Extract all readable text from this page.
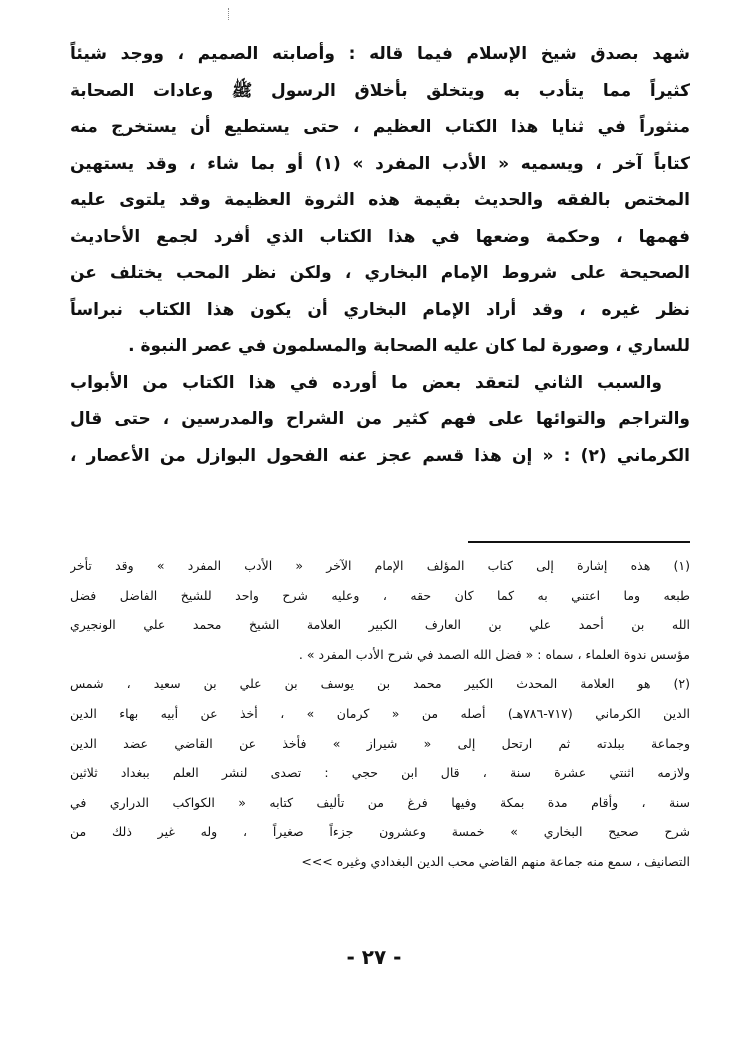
شهد بصدق شيخ الإسلام فيما قاله : وأصابته الصميم ، ووجد شيئاً
كثيراً مما يتأدب به ويتخلق بأخلاق الرسول ﷺ وعادات الصحابة
منثوراً في ثنايا هذا الكتاب العظيم ، حتى يستطيع أن يستخرج منه
كتاباً آخر ، ويسميه « الأدب المفرد » (١) أو بما شاء ، وقد يستهين
المختص بالفقه والحديث بقيمة هذه الثروة العظيمة وقد يلتوى عليه
فهمها ، وحكمة وضعها في هذا الكتاب الذي أفرد لجمع الأحاديث
الصحيحة على شروط الإمام البخاري ، ولكن نظر المحب يختلف عن
نظر غيره ، وقد أراد الإمام البخاري أن يكون هذا الكتاب نبراساً
للساري ، وصورة لما كان عليه الصحابة والمسلمون في عصر النبوة .
والسبب الثاني لتعقد بعض ما أورده في هذا الكتاب من الأبواب
والتراجم والتوائها على فهم كثير من الشراح والمدرسين ، حتى قال
الكرماني (٢) : « إن هذا قسم عجز عنه الفحول البوازل من الأعصار ،
(١) هذه إشارة إلى كتاب المؤلف الإمام الآخر « الأدب المفرد » وقد تأخر
طبعه وما اعتني به كما كان حقه ، وعليه شرح واحد للشيخ الفاضل فضل
الله بن أحمد علي بن العارف الكبير العلامة الشيخ محمد علي الونجيري
مؤسس ندوة العلماء ، سماه : « فضل الله الصمد في شرح الأدب المفرد » .
(٢) هو العلامة المحدث الكبير محمد بن يوسف بن علي بن سعيد ، شمس
الدين الكرماني (٧١٧-٧٨٦هـ) أصله من « كرمان » ، أخذ عن أبيه بهاء الدين
وجماعة ببلدته ثم ارتحل إلى « شيراز » فأخذ عن القاضي عضد الدين
ولازمه اثنتي عشرة سنة ، قال ابن حجي : تصدى لنشر العلم ببغداد ثلاثين
سنة ، وأقام مدة بمكة وفيها فرغ من تأليف كتابه « الكواكب الدراري في
شرح صحيح البخاري » خمسة وعشرون جزءاً صغيراً ، وله غير ذلك من
التصانيف ، سمع منه جماعة منهم القاضي محب الدين البغدادي وغيره >>>
- ٢٧ -
